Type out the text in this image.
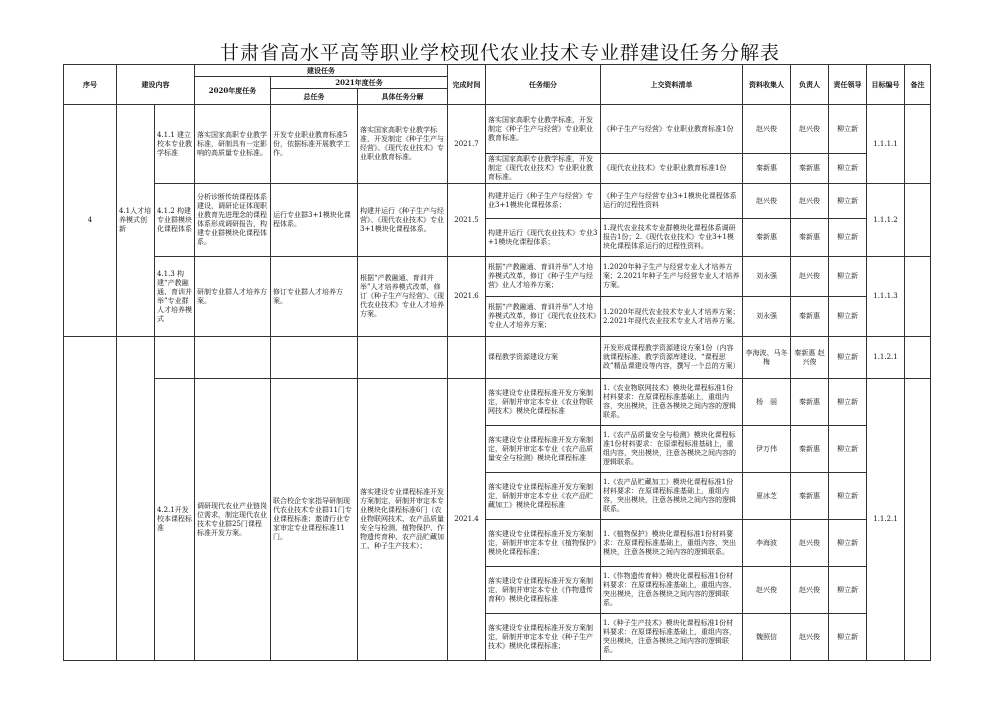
甘肃省高水平高等职业学校现代农业技术专业群建设任务分解表
序号	建设内容		建设任务			完成时间	任务细分	上交资料清单	资料收集人	负责人	责任领导	目标编号	备注
			2020年度任务	2021年度任务									
				总任务	具体任务分解								
4	4.1人才培养模式创新	4.1.1 建立校本专业教学标准	落实国家高职专业教学标准，研制具有一定影响的高质量专业标准。	开发专业职业教育标准5份，依据标准开展教学工作。	落实国家高职专业教学标准，开发制定《种子生产与经营》、《现代农业技术》专业职业教育标准。	2021.7	落实国家高职专业教学标准，开发制定《种子生产与经营》专业职业教育标准。	《种子生产与经营》专业职业教育标准1份	赵兴俊	赵兴俊	柳立新	1.1.1.1	
							落实国家高职专业教学标准，开发制定《现代农业技术》专业职业教育标准。	《现代农业技术》专业职业教育标准1份	秦新惠	秦新惠	柳立新		
		4.1.2 构建专业群模块化课程体系	分析诊断传统课程体系建设，调研论证体现职业教育先进理念的课程体系形成调研报告，构建专业群模块化课程体系。	运行专业群3+1模块化课程体系。	构建并运行《种子生产与经营》、《现代农业技术》专业3+1模块化课程体系。	2021.5	构建并运行《种子生产与经营》专业3+1模块化课程体系；	《种子生产与经营专业3+1模块化课程体系运行的过程性资料	赵兴俊	赵兴俊	柳立新	1.1.1.2	
							构建并运行《现代农业技术》专业3+1模块化课程体系；	1.现代农业技术专业群模块化课程体系调研报告1份；2.《现代农业技术》专业3+1模块化课程体系运行的过程性资料。	秦新惠	秦新惠	柳立新		
		4.1.3 构建“产教融通、育训并举”专业群人才培养模式	研制专业群人才培养方案。	修订专业群人才培养方案。	根据“产教融通、育训并举”人才培养模式改革，修订《种子生产与经营》、《现代农业技术》专业人才培养方案。	2021.6	根据“产教融通、育训并举”人才培养模式改革，修订《种子生产与经营》业人才培养方案；	1.2020年种子生产与经营专业人才培养方案；2.2021年种子生产与经营专业人才培养方案。	刘永强	赵兴俊	柳立新	1.1.1.3	
							根据“产教融通、育训并举”人才培养模式改革，修订《现代农业技术》专业人才培养方案；	1.2020年现代农业技术专业人才培养方案；2.2021年现代农业技术专业人才培养方案。	刘永强	秦新惠	柳立新		
							课程教学资源建设方案	开发形成课程教学资源建设方案1份（内容就课程标准、教学资源库建设、“课程思政”精品课建设等内容，撰写一个总的方案）	李海波、马冬梅	秦新惠 赵兴俊	柳立新	1.1.2.1	
		4.2.1开发校本课程标准	调研现代农业产业链岗位需求，制定现代农业技术专业群25门课程标准开发方案。	联合校企专家指导研制现代农业技术专业群11门专业课程标准；邀请行业专家审定专业课程标准11门。	落实建设专业课程标准开发方案制定，研制并审定本专业模块化课程标准6门（农业物联网技术、农产品质量安全与检测、植物保护、作物遗传育种、农产品贮藏加工、种子生产技术）；	2021.4	落实建设专业课程标准开发方案制定，研制并审定本专业《农业物联网技术》模块化课程标准	1.《农业物联网技术》模块化课程标准1份材料要求：在原课程标准基础上，重组内容，突出模块，注意各模块之间内容的逻辑联系。	杨　丽	秦新惠	柳立新	1.1.2.1	
							落实建设专业课程标准开发方案制定，研制并审定本专业《农产品质量安全与检测》模块化课程标准	1.《农产品质量安全与检测》模块化课程标准1份材料要求：在原课程标准基础上，重组内容，突出模块，注意各模块之间内容的逻辑联系。	伊万伟	秦新惠	柳立新		
							落实建设专业课程标准开发方案制定，研制并审定本专业《农产品贮藏加工》模块化课程标准	1.《农产品贮藏加工》模块化课程标准1份材料要求：在原课程标准基础上，重组内容，突出模块，注意各模块之间内容的逻辑联系。	夏冰芝	秦新惠	柳立新		
							落实建设专业课程标准开发方案制定，研制并审定本专业《植物保护》模块化课程标准；	1.《植物保护》模块化课程标准1份材料要求：在原课程标准基础上，重组内容，突出模块，注意各模块之间内容的逻辑联系。	李海波	赵兴俊	柳立新		
							落实建设专业课程标准开发方案制定，研制并审定本专业《作物遗传育种》模块化课程标准	1.《作物遗传育种》模块化课程标准1份材料要求：在原课程标准基础上，重组内容，突出模块，注意各模块之间内容的逻辑联系。	赵兴俊	赵兴俊	柳立新		
							落实建设专业课程标准开发方案制定，研制并审定本专业《种子生产技术》模块化课程标准；	1.《种子生产技术》模块化课程标准1份材料要求：在原课程标准基础上，重组内容，突出模块，注意各模块之间内容的逻辑联系。	魏照信	赵兴俊	柳立新		
